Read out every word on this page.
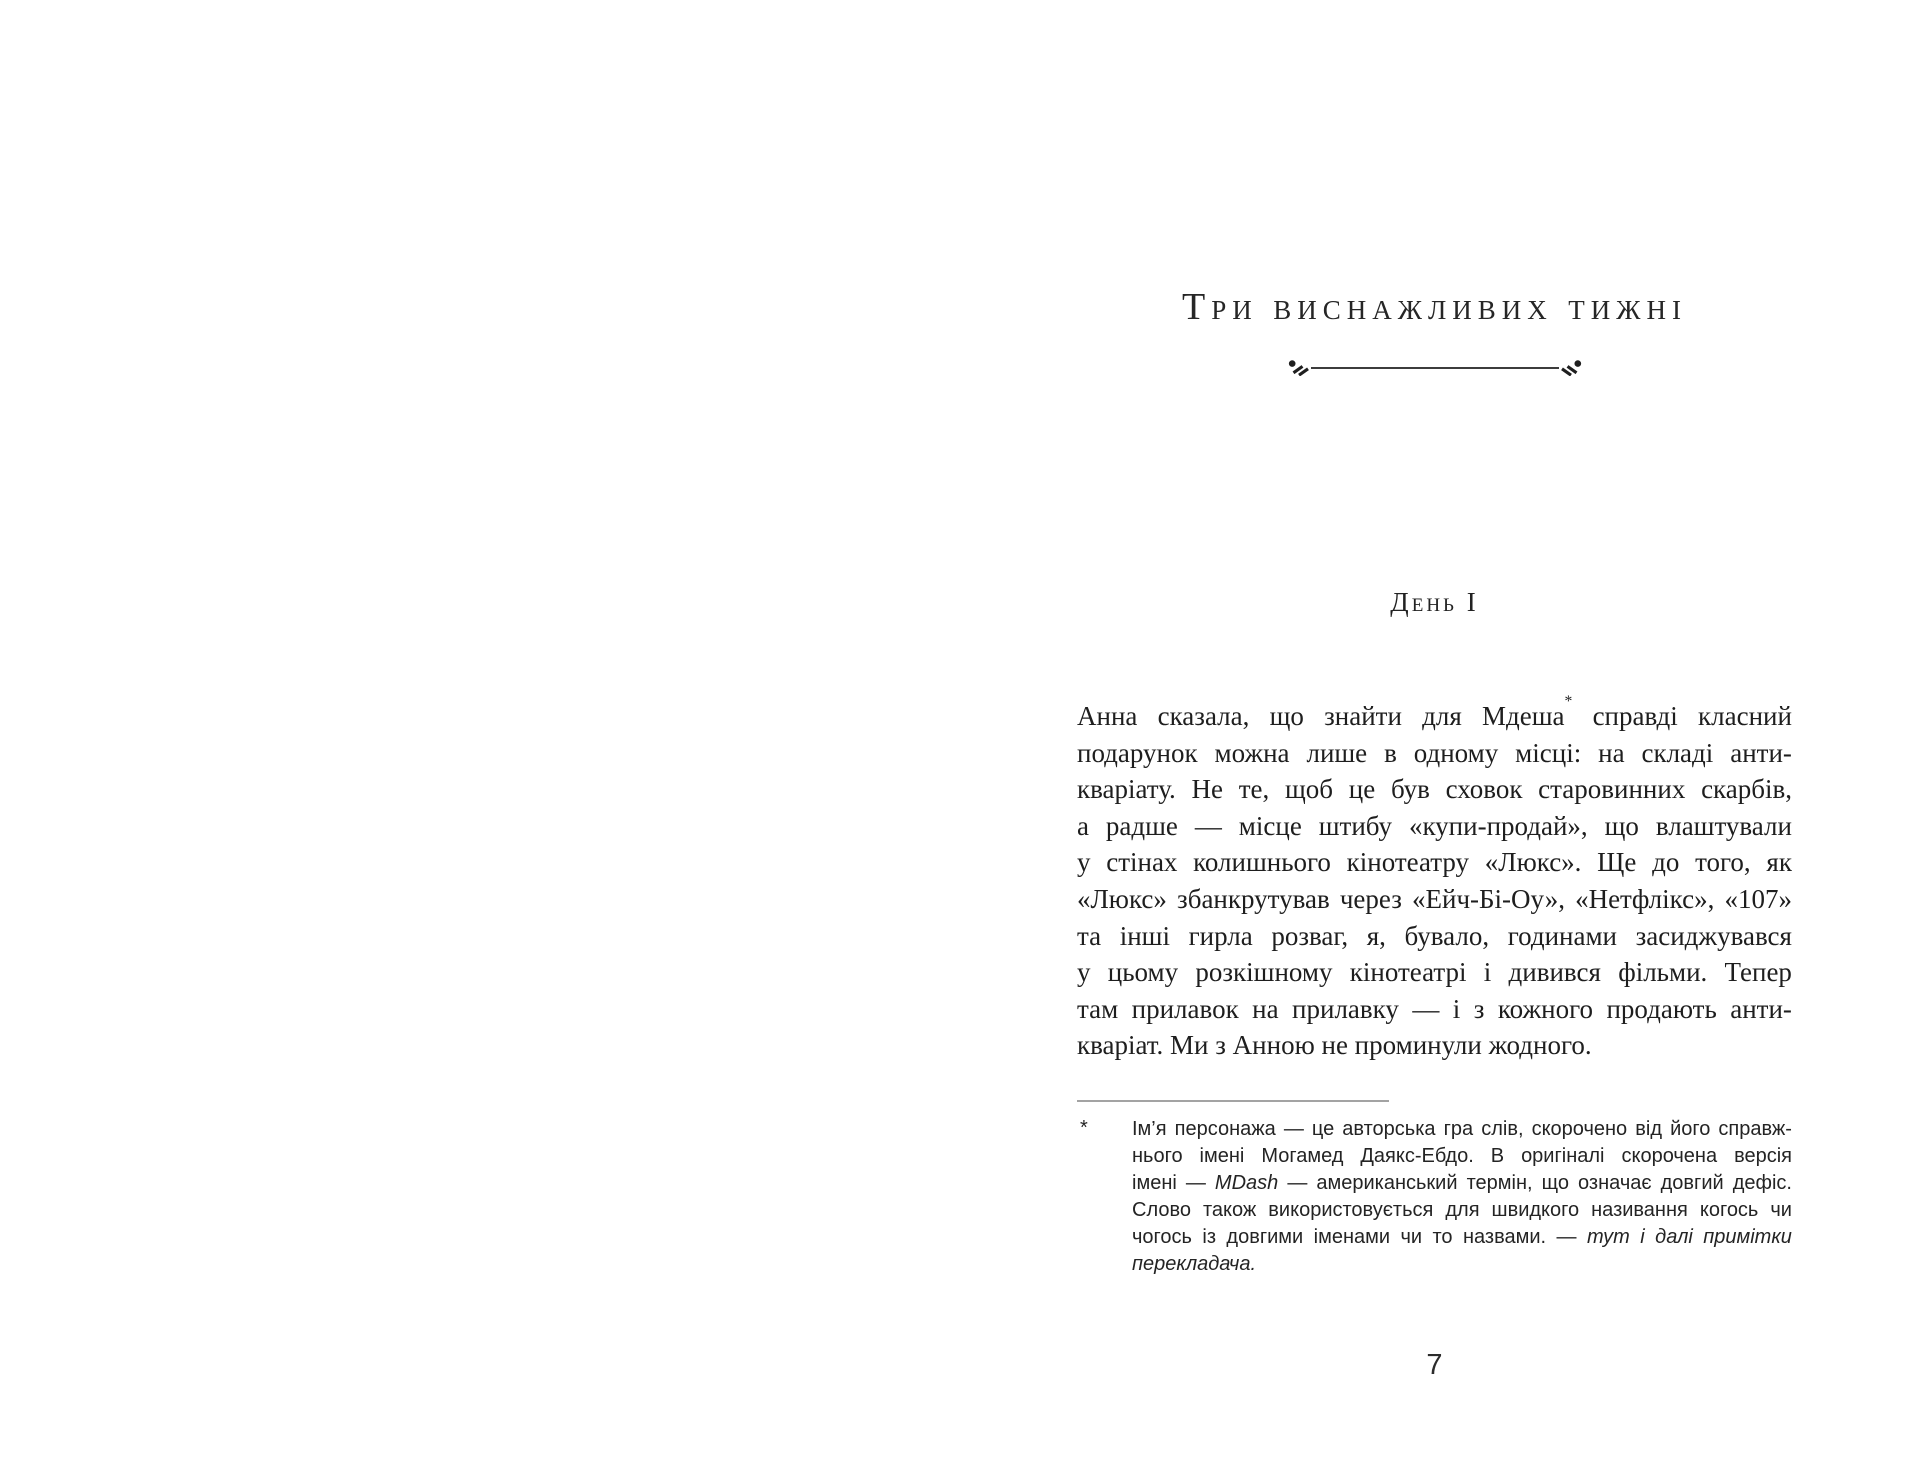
Три виснажливих тижні
День І
Анна сказала, що знайти для Мдеша* справді класний
подарунок можна лише в одному місці: на складі анти-
кваріату. Не те, щоб це був сховок старовинних скарбів,
а радше — місце штибу «купи-продай», що влаштували
у стінах колишнього кінотеатру «Люкс». Ще до того, як
«Люкс» збанкрутував через «Ейч-Бі-Оу», «Нетфлікс», «107»
та інші гирла розваг, я, бувало, годинами засиджувався
у цьому розкішному кінотеатрі і дивився фільми. Тепер
там прилавок на прилавку — і з кожного продають анти-
кваріат. Ми з Анною не проминули жодного.
* Ім’я персонажа — це авторська гра слів, скорочено від його справж-
нього імені Могамед Даякс-Ебдо. В оригіналі скорочена версія
імені — MDash — американський термін, що означає довгий дефіс.
Слово також використовується для швидкого називання когось чи
чогось із довгими іменами чи то назвами. — тут і далі примітки
перекладача.
7
